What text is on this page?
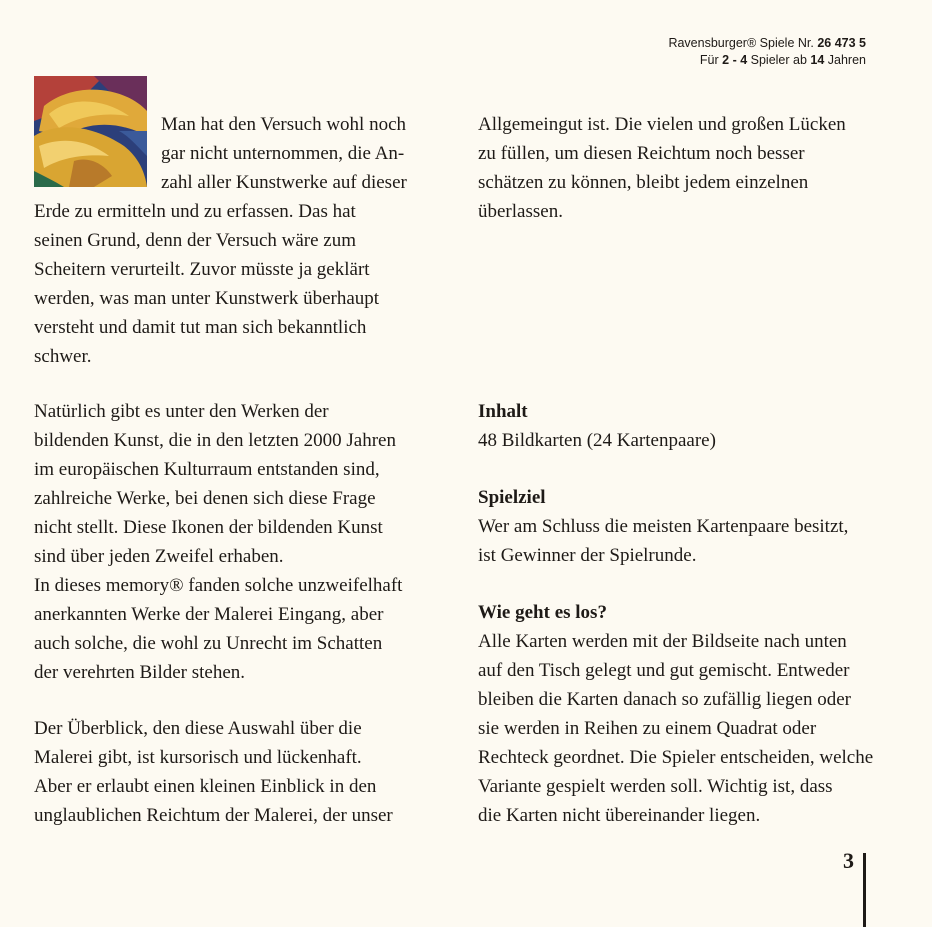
Ravensburger® Spiele Nr. 26 473 5
Für 2 - 4 Spieler ab 14 Jahren
Man hat den Versuch wohl noch
gar nicht unternommen, die An-
zahl aller Kunstwerke auf dieser
Erde zu ermitteln und zu erfassen. Das hat
seinen Grund, denn der Versuch wäre zum
Scheitern verurteilt. Zuvor müsste ja geklärt
werden, was man unter Kunstwerk überhaupt
versteht und damit tut man sich bekanntlich
schwer.
Natürlich gibt es unter den Werken der
bildenden Kunst, die in den letzten 2000 Jahren
im europäischen Kulturraum entstanden sind,
zahlreiche Werke, bei denen sich diese Frage
nicht stellt. Diese Ikonen der bildenden Kunst
sind über jeden Zweifel erhaben.
In dieses memory® fanden solche unzweifelhaft
anerkannten Werke der Malerei Eingang, aber
auch solche, die wohl zu Unrecht im Schatten
der verehrten Bilder stehen.
Der Überblick, den diese Auswahl über die
Malerei gibt, ist kursorisch und lückenhaft.
Aber er erlaubt einen kleinen Einblick in den
unglaublichen Reichtum der Malerei, der unser
Allgemeingut ist. Die vielen und großen Lücken
zu füllen, um diesen Reichtum noch besser
schätzen zu können, bleibt jedem einzelnen
überlassen.
Inhalt
48 Bildkarten (24 Kartenpaare)
Spielziel
Wer am Schluss die meisten Kartenpaare besitzt,
ist Gewinner der Spielrunde.
Wie geht es los?
Alle Karten werden mit der Bildseite nach unten
auf den Tisch gelegt und gut gemischt. Entweder
bleiben die Karten danach so zufällig liegen oder
sie werden in Reihen zu einem Quadrat oder
Rechteck geordnet. Die Spieler entscheiden, welche
Variante gespielt werden soll. Wichtig ist, dass
die Karten nicht übereinander liegen.
3
